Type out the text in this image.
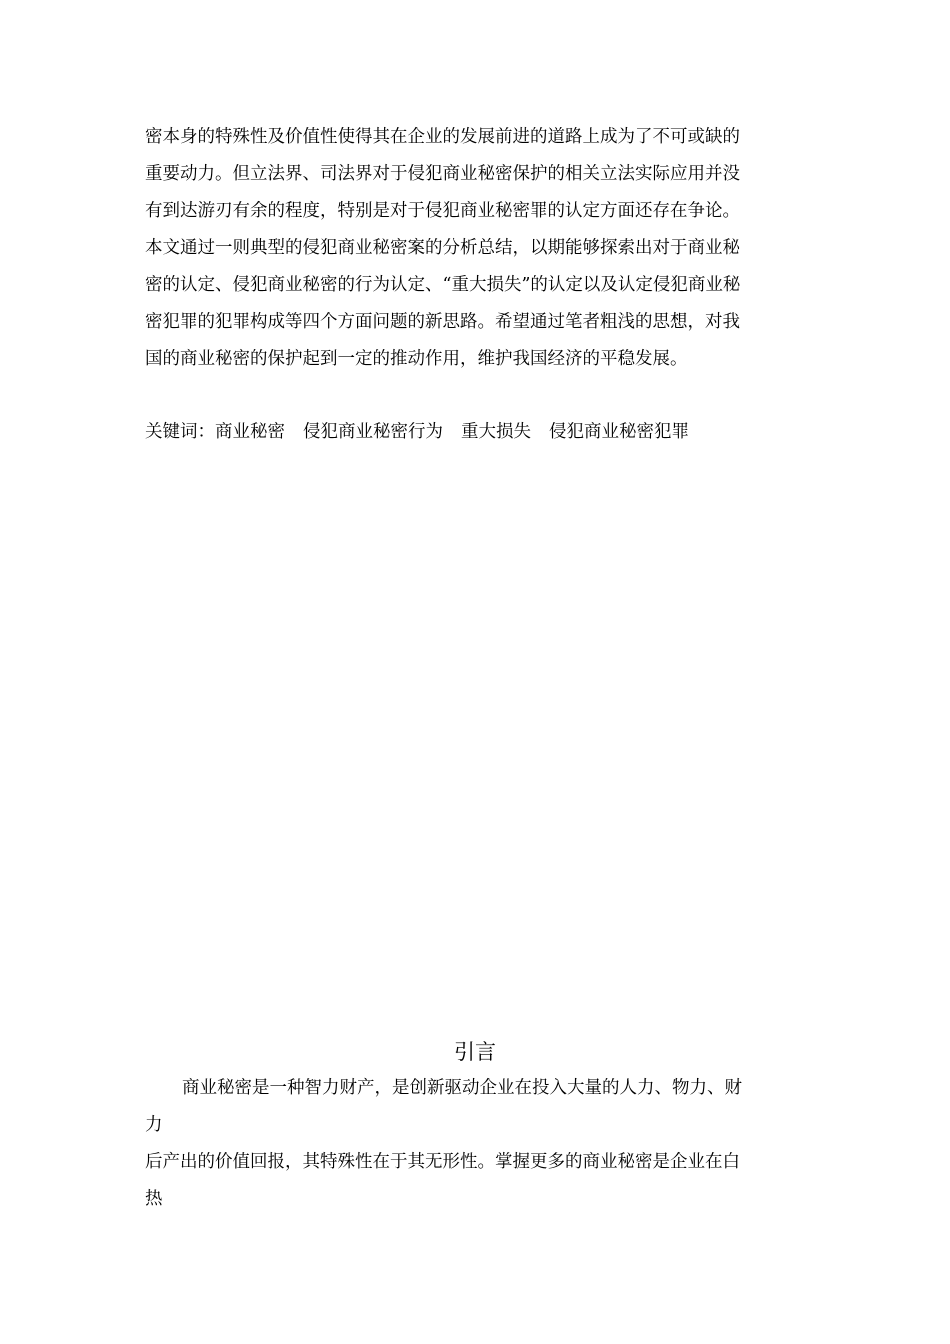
密本身的特殊性及价值性使得其在企业的发展前进的道路上成为了不可或缺的
重要动力。但立法界、司法界对于侵犯商业秘密保护的相关立法实际应用并没
有到达游刃有余的程度，特别是对于侵犯商业秘密罪的认定方面还存在争论。
本文通过一则典型的侵犯商业秘密案的分析总结，以期能够探索出对于商业秘
密的认定、侵犯商业秘密的行为认定、“重大损失”的认定以及认定侵犯商业秘
密犯罪的犯罪构成等四个方面问题的新思路。希望通过笔者粗浅的思想，对我
国的商业秘密的保护起到一定的推动作用，维护我国经济的平稳发展。
关键词：商业秘密 侵犯商业秘密行为 重大损失 侵犯商业秘密犯罪
引言
商业秘密是一种智力财产，是创新驱动企业在投入大量的人力、物力、财
力
后产出的价值回报，其特殊性在于其无形性。掌握更多的商业秘密是企业在白
热
